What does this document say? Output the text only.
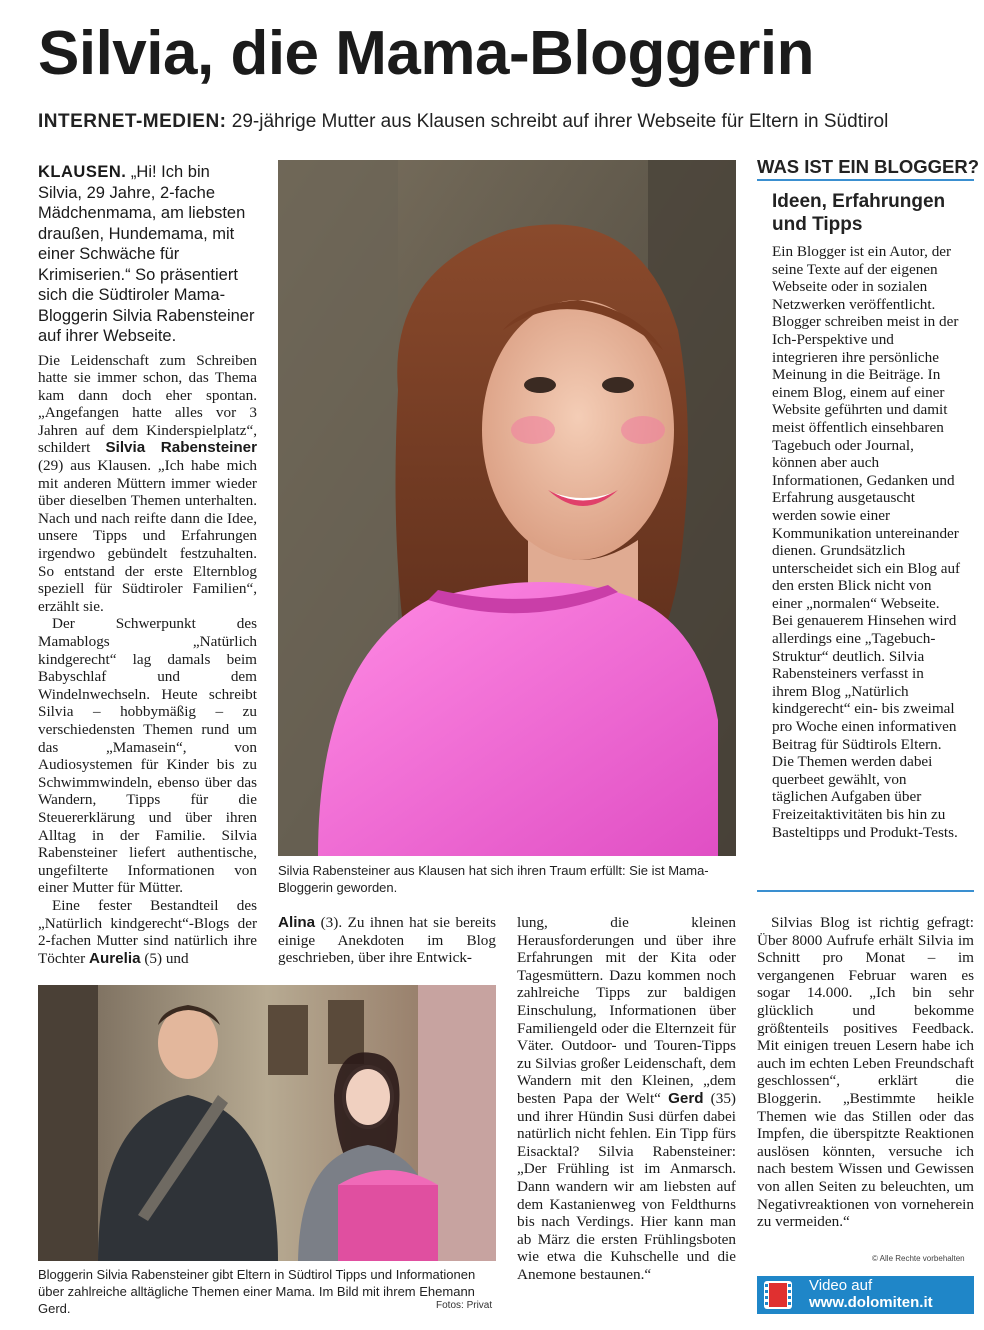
Silvia, die Mama-Bloggerin
INTERNET-MEDIEN: 29-jährige Mutter aus Klausen schreibt auf ihrer Webseite für Eltern in Südtirol
KLAUSEN. „Hi! Ich bin Silvia, 29 Jahre, 2-fache Mädchenmama, am liebsten draußen, Hundemama, mit einer Schwäche für Krimiserien.“ So präsentiert sich die Südtiroler Mama-Bloggerin Silvia Rabensteiner auf ihrer Webseite.

Die Leidenschaft zum Schreiben hatte sie immer schon, das Thema kam dann doch eher spontan. „Angefangen hatte alles vor 3 Jahren auf dem Kinderspielplatz“, schildert Silvia Rabensteiner (29) aus Klausen. „Ich habe mich mit anderen Müttern immer wieder über dieselben Themen unterhalten. Nach und nach reifte dann die Idee, unsere Tipps und Erfahrungen irgendwo gebündelt festzuhalten. So entstand der erste Elternblog speziell für Südtiroler Familien“, erzählt sie.

Der Schwerpunkt des Mamablogs „Natürlich kindgerecht“ lag damals beim Babyschlaf und dem Windelnwechseln. Heute schreibt Silvia – hobbymäßig – zu verschiedensten Themen rund um das „Mamasein“, von Audiosystemen für Kinder bis zu Schwimmwindeln, ebenso über das Wandern, Tipps für die Steuererklärung und über ihren Alltag in der Familie. Silvia Rabensteiner liefert authentische, ungefilterte Informationen von einer Mutter für Mütter.

Eine fester Bestandteil des „Natürlich kindgerecht“-Blogs der 2-fachen Mutter sind natürlich ihre Töchter Aurelia (5) und

Silvia Rabensteiner aus Klausen hat sich ihren Traum erfüllt: Sie ist Mama-Bloggerin geworden.

Alina (3). Zu ihnen hat sie bereits einige Anekdoten im Blog geschrieben, über ihre Entwick-

lung, die kleinen Herausforderungen und über ihre Erfahrungen mit der Kita oder Tagesmüttern. Dazu kommen noch zahlreiche Tipps zur baldigen Einschulung, Informationen über Familiengeld oder die Elternzeit für Väter. Outdoor- und Touren-Tipps zu Silvias großer Leidenschaft, dem Wandern mit den Kleinen, „dem besten Papa der Welt“ Gerd (35) und ihrer Hündin Susi dürfen dabei natürlich nicht fehlen. Ein Tipp fürs Eisacktal? Silvia Rabensteiner: „Der Frühling ist im Anmarsch. Dann wandern wir am liebsten auf dem Kastanienweg von Feldthurns bis nach Verdings. Hier kann man ab März die ersten Frühlingsboten wie etwa die Kuhschelle und die Anemone bestaunen.“

Bloggerin Silvia Rabensteiner gibt Eltern in Südtirol Tipps und Informationen über zahlreiche alltägliche Themen einer Mama. Im Bild mit ihrem Ehemann Gerd.	Fotos: Privat
WAS IST EIN BLOGGER?
Ideen, Erfahrungen und Tipps

Ein Blogger ist ein Autor, der seine Texte auf der eigenen Webseite oder in sozialen Netzwerken veröffentlicht. Blogger schreiben meist in der Ich-Perspektive und integrieren ihre persönliche Meinung in die Beiträge. In einem Blog, einem auf einer Website geführten und damit meist öffentlich einsehbaren Tagebuch oder Journal, können aber auch Informationen, Gedanken und Erfahrung ausgetauscht werden sowie einer Kommunikation untereinander dienen. Grundsätzlich unterscheidet sich ein Blog auf den ersten Blick nicht von einer „normalen“ Webseite. Bei genauerem Hinsehen wird allerdings eine „Tagebuch-Struktur“ deutlich. Silvia Rabensteiners verfasst in ihrem Blog „Natürlich kindgerecht“ ein- bis zweimal pro Woche einen informativen Beitrag für Südtirols Eltern. Die Themen werden dabei querbeet gewählt, von täglichen Aufgaben über Freizeitaktivitäten bis hin zu Basteltipps und Produkt-Tests.

Silvias Blog ist richtig gefragt: Über 8000 Aufrufe erhält Silvia im Schnitt pro Monat – im vergangenen Februar waren es sogar 14.000. „Ich bin sehr glücklich und bekomme größtenteils positives Feedback. Mit einigen treuen Lesern habe ich auch im echten Leben Freundschaft geschlossen“, erklärt die Bloggerin. „Bestimmte heikle Themen wie das Stillen oder das Impfen, die überspitzte Reaktionen auslösen könnten, versuche ich nach bestem Wissen und Gewissen von allen Seiten zu beleuchten, um Negativreaktionen von vorneherein zu vermeiden.“

© Alle Rechte vorbehalten
Video auf
www.dolomiten.it
